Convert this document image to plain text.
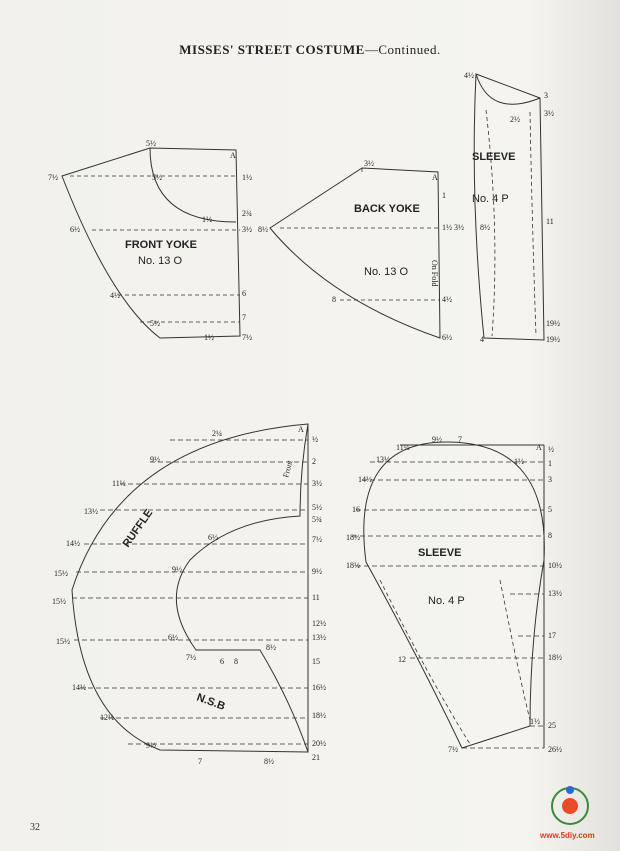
MISSES' STREET COSTUME—Continued.
FRONT YOKE
No. 13 O
5½
A
7½	5½	1½
1½
2¾
6½	3½
4½	6
5½
1½
7
7½
BACK YOKE
No. 13 O	On Fold
3½
A
1
8½	1½ 3½
4½
8
6½
SLEEVE
No. 4 P
4½
3
2½
3½
8½
11
4
19½
19½
RUFFLE
Front
N.S.B
2¼	A
½
9½	2
11½	3½
13½	5½
5¾
14½
6½	7½
15½	9½	9½
15½	11
6½
12½
15½	13½
7½	6 8
8½
15
14½	16½
12½	18½
9½	20½
7	8½	21
SLEEVE
No. 4 P
11½
9½ 7
A ½
13½	1½	1
14½	3
16	5
18½	8
18½	10½
13½
17
12	18½
1½ 25
7½	26½
32
www.5diy.com
